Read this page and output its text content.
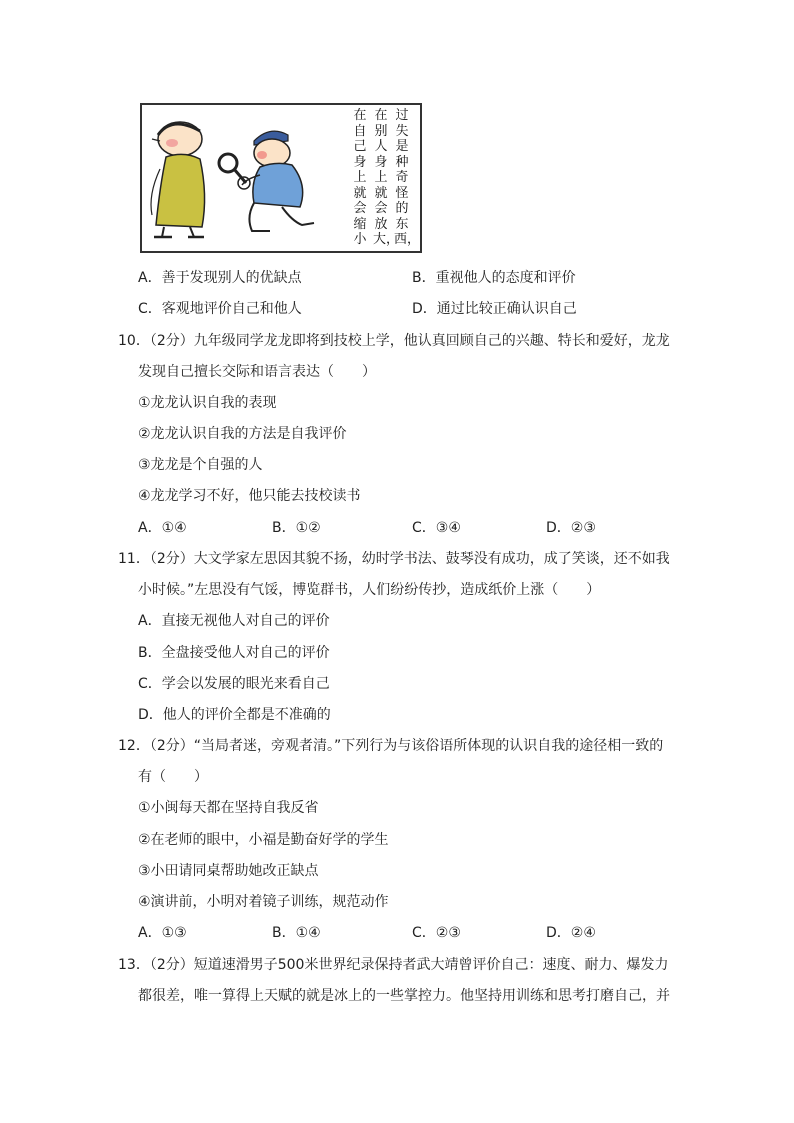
在自己身上就会缩小
在别人身上就会放大，
过失是种奇怪的东西，
A．善于发现别人的优缺点	B．重视他人的态度和评价
C．客观地评价自己和他人	D．通过比较正确认识自己
10．（2分）九年级同学龙龙即将到技校上学，他认真回顾自己的兴趣、特长和爱好，龙龙
发现自己擅长交际和语言表达（　　）
①龙龙认识自我的表现
②龙龙认识自我的方法是自我评价
③龙龙是个自强的人
④龙龙学习不好，他只能去技校读书
A．①④	B．①②	C．③④	D．②③
11．（2分）大文学家左思因其貌不扬，幼时学书法、鼓琴没有成功，成了笑谈，还不如我
小时候。”左思没有气馁，博览群书，人们纷纷传抄，造成纸价上涨（　　）
A．直接无视他人对自己的评价
B．全盘接受他人对自己的评价
C．学会以发展的眼光来看自己
D．他人的评价全都是不准确的
12．（2分）“当局者迷，旁观者清。”下列行为与该俗语所体现的认识自我的途径相一致的
有（　　）
①小闽每天都在坚持自我反省
②在老师的眼中，小福是勤奋好学的学生
③小田请同桌帮助她改正缺点
④演讲前，小明对着镜子训练，规范动作
A．①③	B．①④	C．②③	D．②④
13．（2分）短道速滑男子500米世界纪录保持者武大靖曾评价自己：速度、耐力、爆发力
都很差，唯一算得上天赋的就是冰上的一些掌控力。他坚持用训练和思考打磨自己，并
